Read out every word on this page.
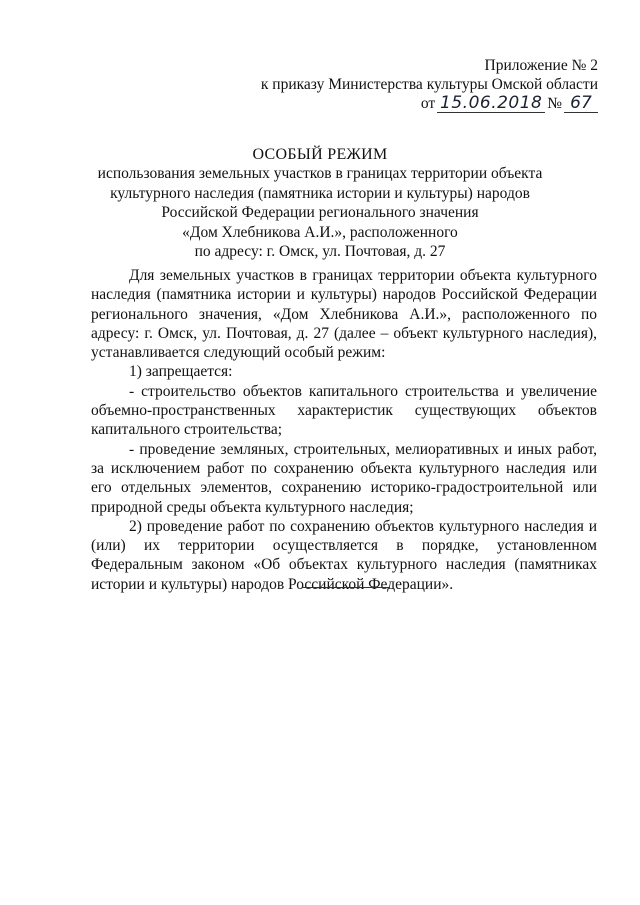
Приложение № 2
к приказу Министерства культуры Омской области
от 15.06.2018 № 67
ОСОБЫЙ РЕЖИМ
использования земельных участков в границах территории объекта
культурного наследия (памятника истории и культуры) народов
Российской Федерации регионального значения
«Дом Хлебникова А.И.», расположенного
по адресу: г. Омск, ул. Почтовая, д. 27

Для земельных участков в границах территории объекта культурного наследия (памятника истории и культуры) народов Российской Федерации регионального значения, «Дом Хлебникова А.И.», расположенного по адресу: г. Омск, ул. Почтовая, д. 27 (далее – объект культурного наследия), устанавливается следующий особый режим:

1) запрещается:

- строительство объектов капитального строительства и увеличение объемно-пространственных характеристик существующих объектов капитального строительства;

- проведение земляных, строительных, мелиоративных и иных работ, за исключением работ по сохранению объекта культурного наследия или его отдельных элементов, сохранению историко-градостроительной или природной среды объекта культурного наследия;

2) проведение работ по сохранению объектов культурного наследия и (или) их территории осуществляется в порядке, установленном Федеральным законом «Об объектах культурного наследия (памятниках истории и культуры) народов Российской Федерации».
